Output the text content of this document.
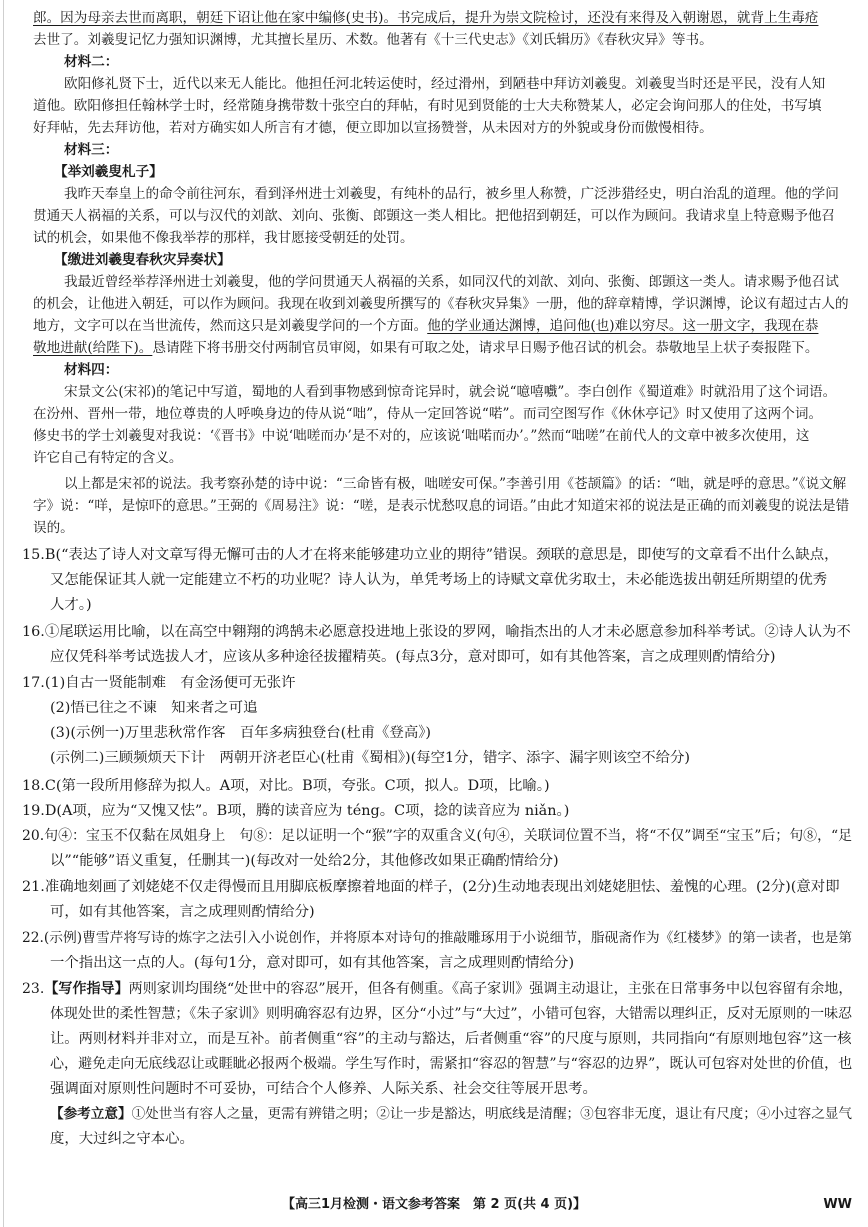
郎。因为母亲去世而离职，朝廷下诏让他在家中编修(史书)。书完成后，提升为崇文院检讨，还没有来得及入朝谢恩，就背上生毒疮
去世了。刘羲叟记忆力强知识渊博，尤其擅长星历、术数。他著有《十三代史志》《刘氏辑历》《春秋灾异》等书。
材料二：
欧阳修礼贤下士，近代以来无人能比。他担任河北转运使时，经过滑州，到陋巷中拜访刘羲叟。刘羲叟当时还是平民，没有人知
道他。欧阳修担任翰林学士时，经常随身携带数十张空白的拜帖，有时见到贤能的士大夫称赞某人，必定会询问那人的住处，书写填
好拜帖，先去拜访他，若对方确实如人所言有才德，便立即加以宣扬赞誉，从未因对方的外貌或身份而傲慢相待。
材料三：
【举刘羲叟札子】
我昨天奉皇上的命令前往河东，看到泽州进士刘羲叟，有纯朴的品行，被乡里人称赞，广泛涉猎经史，明白治乱的道理。他的学问
贯通天人祸福的关系，可以与汉代的刘歆、刘向、张衡、郎顗这一类人相比。把他招到朝廷，可以作为顾问。我请求皇上特意赐予他召
试的机会，如果他不像我举荐的那样，我甘愿接受朝廷的处罚。
【缴进刘羲叟春秋灾异奏状】
我最近曾经举荐泽州进士刘羲叟，他的学问贯通天人祸福的关系，如同汉代的刘歆、刘向、张衡、郎顗这一类人。请求赐予他召试
的机会，让他进入朝廷，可以作为顾问。我现在收到刘羲叟所撰写的《春秋灾异集》一册，他的辞章精博，学识渊博，论议有超过古人的
地方，文字可以在当世流传，然而这只是刘羲叟学问的一个方面。他的学业通达渊博，追问他(也)难以穷尽。这一册文字，我现在恭
敬地进献(给陛下)。恳请陛下将书册交付两制官员审阅，如果有可取之处，请求早日赐予他召试的机会。恭敬地呈上状子奏报陛下。
材料四：
宋景文公(宋祁)的笔记中写道，蜀地的人看到事物感到惊奇诧异时，就会说“噫嘻嚱”。李白创作《蜀道难》时就沿用了这个词语。
在汾州、晋州一带，地位尊贵的人呼唤身边的侍从说“咄”，侍从一定回答说“喏”。而司空图写作《休休亭记》时又使用了这两个词。
修史书的学士刘羲叟对我说：‘《晋书》中说‘咄嗟而办’是不对的，应该说‘咄喏而办’。”然而“咄嗟”在前代人的文章中被多次使用，这
许它自己有特定的含义。
以上都是宋祁的说法。我考察孙楚的诗中说：“三命皆有极，咄嗟安可保。”李善引用《苍颉篇》的话：“咄，就是呼的意思。”《说文解
字》说：“咩，是惊吓的意思。”王弼的《周易注》说：“嗟，是表示忧愁叹息的词语。”由此才知道宋祁的说法是正确的而刘羲叟的说法是错
误的。
15.B(“表达了诗人对文章写得无懈可击的人才在将来能够建功立业的期待”错误。颈联的意思是，即使写的文章看不出什么缺点，
又怎能保证其人就一定能建立不朽的功业呢？诗人认为，单凭考场上的诗赋文章优劣取士，未必能选拔出朝廷所期望的优秀
人才。)
16.①尾联运用比喻，以在高空中翱翔的鸿鹄未必愿意投进地上张设的罗网，喻指杰出的人才未必愿意参加科举考试。②诗人认为不
应仅凭科举考试选拔人才，应该从多种途径拔擢精英。(每点3分，意对即可，如有其他答案，言之成理则酌情给分)
17.(1)自古一贤能制难　有金汤便可无张许
(2)悟已往之不谏　知来者之可追
(3)(示例一)万里悲秋常作客　百年多病独登台(杜甫《登高》)
(示例二)三顾频烦天下计　两朝开济老臣心(杜甫《蜀相》)(每空1分，错字、添字、漏字则该空不给分)
18.C(第一段所用修辞为拟人。A项，对比。B项，夸张。C项，拟人。D项，比喻。)
19.D(A项，应为“又愧又怯”。B项，腾的读音应为 téng。C项，捻的读音应为 niǎn。)
20.句④：宝玉不仅黏在凤姐身上　句⑧：足以证明一个“猴”字的双重含义(句④，关联词位置不当，将“不仅”调至“宝玉”后；句⑧，“足
以”“能够”语义重复，任删其一)(每改对一处给2分，其他修改如果正确酌情给分)
21.准确地刻画了刘姥姥不仅走得慢而且用脚底板摩擦着地面的样子，(2分)生动地表现出刘姥姥胆怯、羞愧的心理。(2分)(意对即
可，如有其他答案，言之成理则酌情给分)
22.(示例)曹雪芹将写诗的炼字之法引入小说创作，并将原本对诗句的推敲雕琢用于小说细节，脂砚斋作为《红楼梦》的第一读者，也是第
一个指出这一点的人。(每句1分，意对即可，如有其他答案，言之成理则酌情给分)
23.【写作指导】两则家训均围绕“处世中的容忍”展开，但各有侧重。《高子家训》强调主动退让，主张在日常事务中以包容留有余地，
体现处世的柔性智慧；《朱子家训》则明确容忍有边界，区分“小过”与“大过”，小错可包容，大错需以理纠正，反对无原则的一味忍
让。两则材料并非对立，而是互补。前者侧重“容”的主动与豁达，后者侧重“容”的尺度与原则，共同指向“有原则地包容”这一核
心，避免走向无底线忍让或睚眦必报两个极端。学生写作时，需紧扣“容忍的智慧”与“容忍的边界”，既认可包容对处世的价值，也
强调面对原则性问题时不可妥协，可结合个人修养、人际关系、社会交往等展开思考。
【参考立意】①处世当有容人之量，更需有辨错之明；②让一步是豁达，明底线是清醒；③包容非无度，退让有尺度；④小过容之显气
度，大过纠之守本心。
【高三1月检测・语文参考答案　第 2 页(共 4 页)】	WW
